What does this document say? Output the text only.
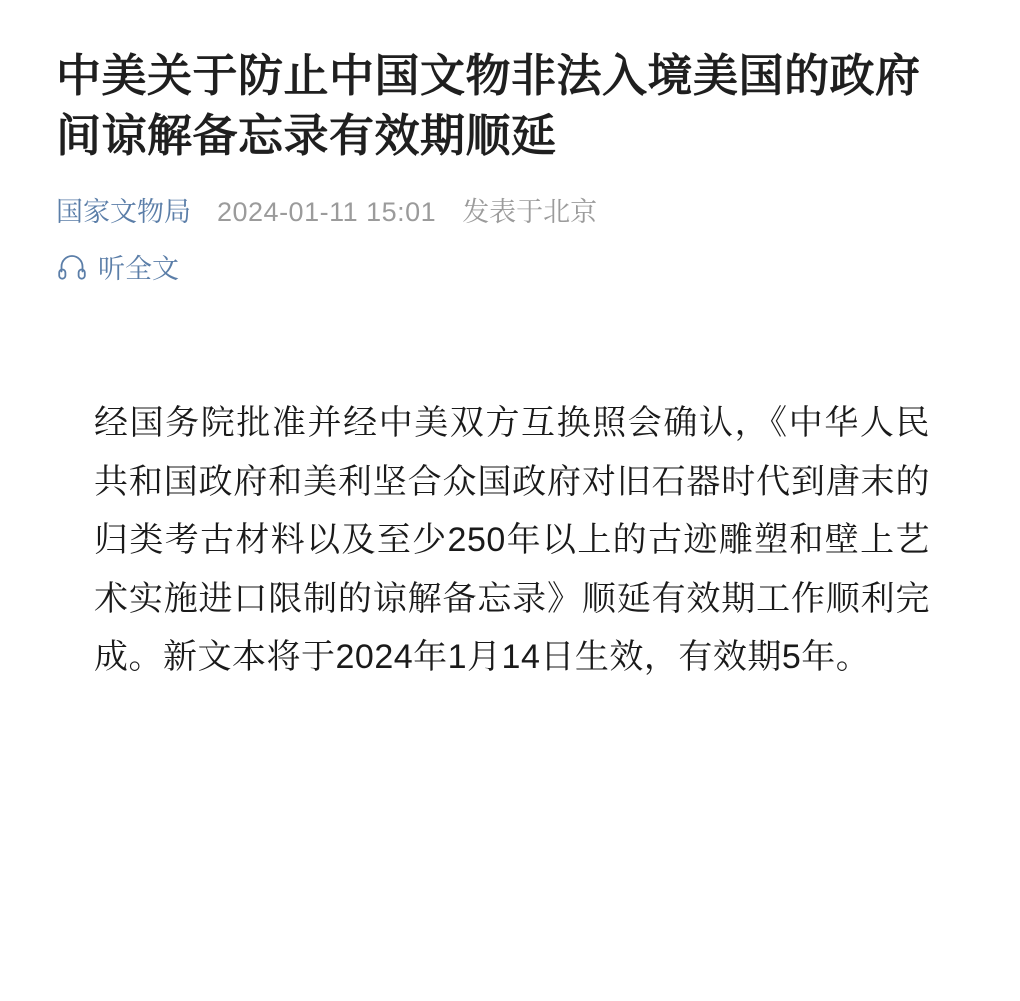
中美关于防止中国文物非法入境美国的政府间谅解备忘录有效期顺延
国家文物局 2024-01-11 15:01 发表于北京
听全文

经国务院批准并经中美双方互换照会确认，《中华人民共和国政府和美利坚合众国政府对旧石器时代到唐末的归类考古材料以及至少250年以上的古迹雕塑和壁上艺术实施进口限制的谅解备忘录》顺延有效期工作顺利完成。新文本将于2024年1月14日生效，有效期5年。
